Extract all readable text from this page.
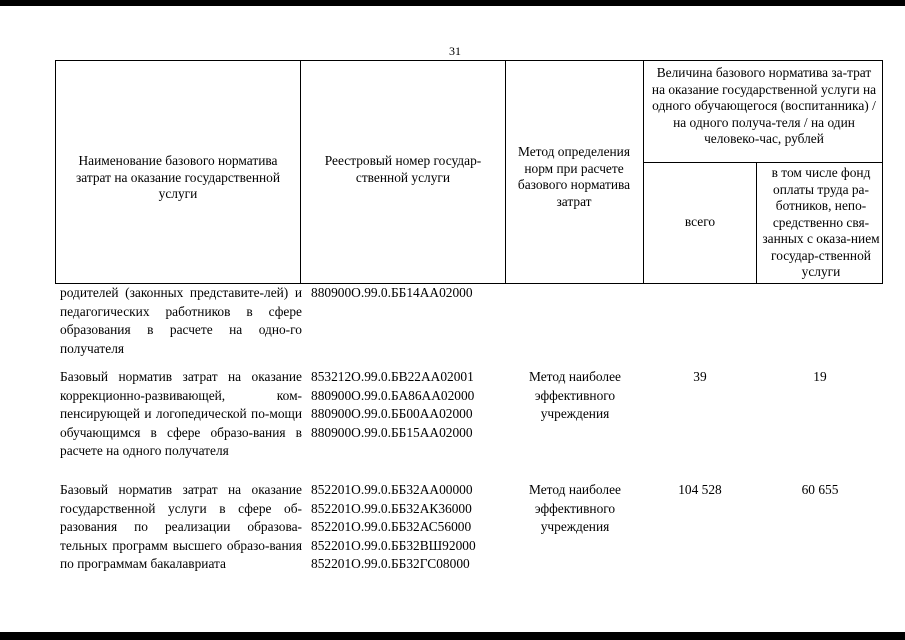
31
Наименование базового норматива затрат на оказание государственной услуги
Реестровый номер государ-ственной услуги
Метод определения норм при расчете базового норматива затрат
Величина базового норматива за-трат на оказание государственной услуги на одного обучающегося (воспитанника) / на одного получа-теля / на один человеко-час, рублей
всего
в том числе фонд оплаты труда ра-ботников, непо-средственно свя-занных с оказа-нием государ-ственной услуги
родителей (законных представите-лей) и педагогических работников в сфере образования в расчете на одно-го получателя
880900О.99.0.ББ14АА02000
Базовый норматив затрат на оказание коррекционно-развивающей, ком-пенсирующей и логопедической по-мощи обучающимся в сфере образо-вания в расчете на одного получателя
853212О.99.0.БВ22АА02001
880900О.99.0.БА86АА02000
880900О.99.0.ББ00АА02000
880900О.99.0.ББ15АА02000
Метод наиболее эффективного учреждения
39	19
Базовый норматив затрат на оказание государственной услуги в сфере об-разования по реализации образова-тельных программ высшего образо-вания по программам бакалавриата
852201О.99.0.ББ32АА00000
852201О.99.0.ББ32АК36000
852201О.99.0.ББ32АС56000
852201О.99.0.ББ32ВШ92000
852201О.99.0.ББ32ГС08000
Метод наиболее эффективного учреждения
104 528	60 655
